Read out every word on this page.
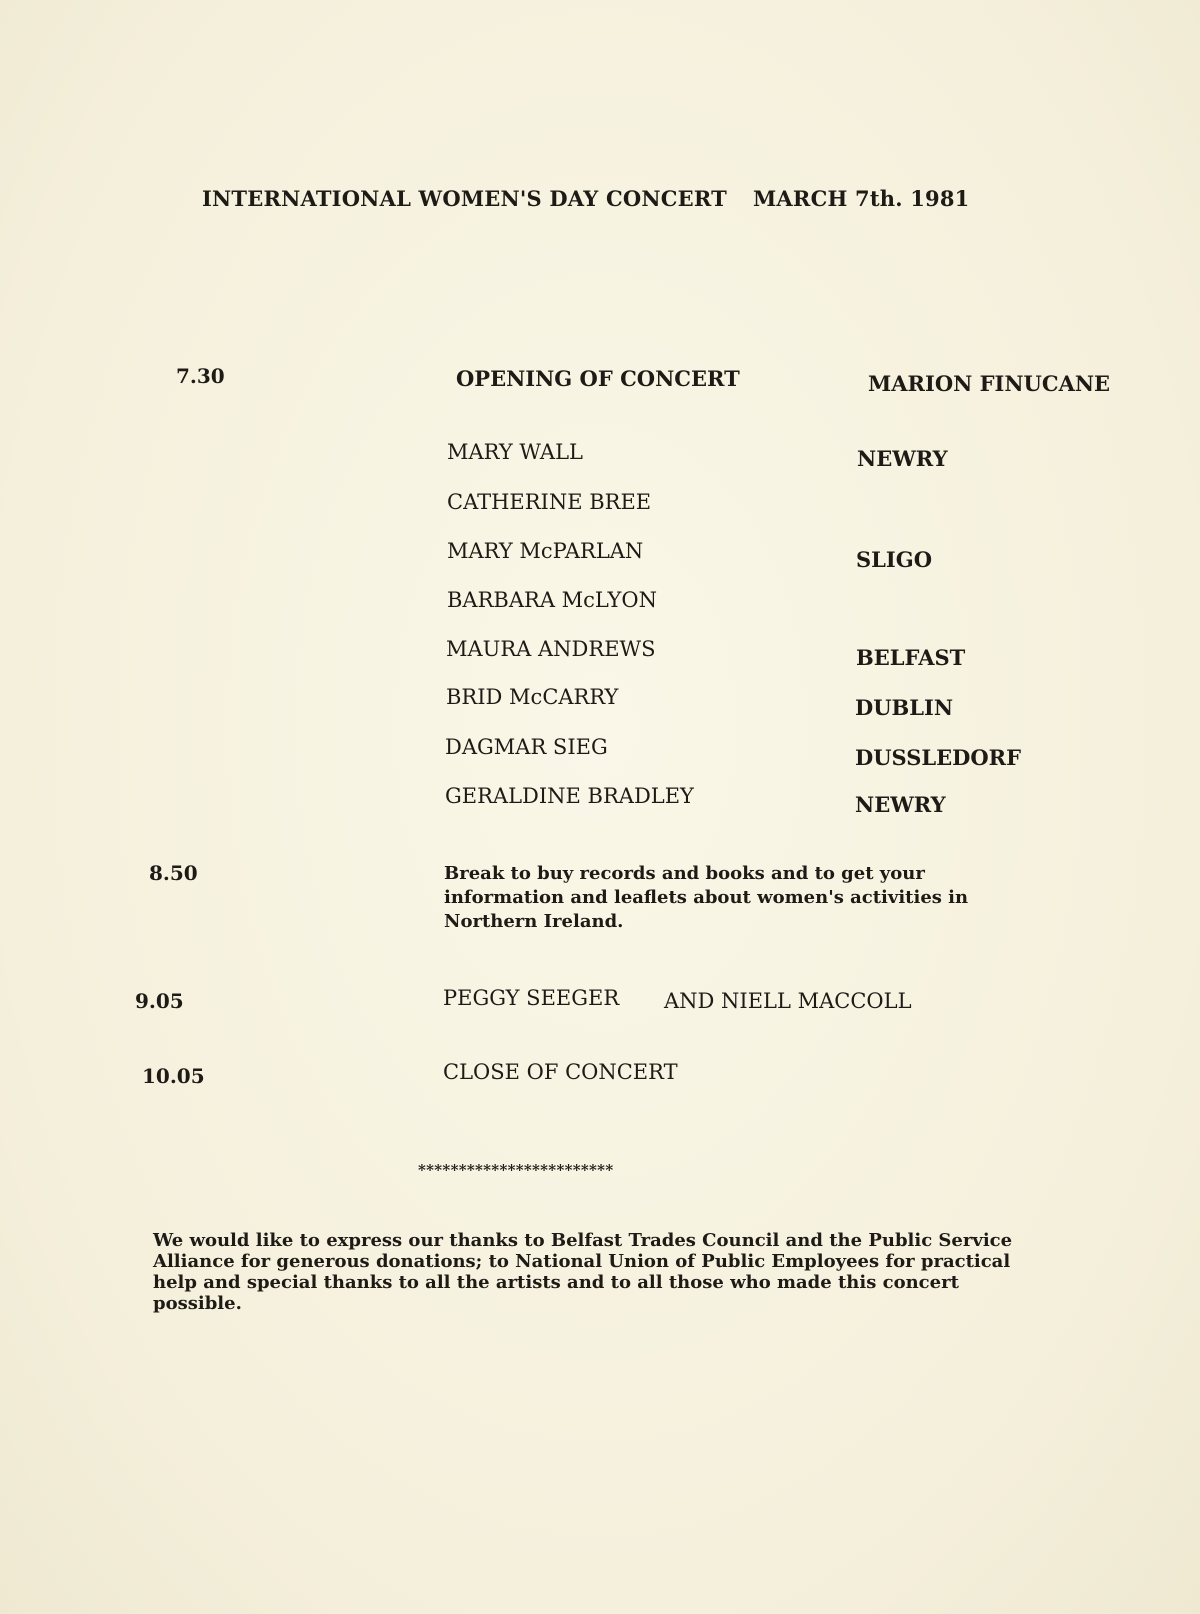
INTERNATIONAL WOMEN'S DAY CONCERT MARCH 7th. 1981
7.30	OPENING OF CONCERT	MARION FINUCANE
MARY WALL	NEWRY
CATHERINE BREE
MARY McPARLAN	SLIGO
BARBARA McLYON
MAURA ANDREWS	BELFAST
BRID McCARRY	DUBLIN
DAGMAR SIEG	DUSSLEDORF
GERALDINE BRADLEY	NEWRY
8.50	Break to buy records and books and to get your information and leaflets about women's activities in Northern Ireland.
9.05	PEGGY SEEGER AND NIELL MACCOLL
10.05	CLOSE OF CONCERT
************************
We would like to express our thanks to Belfast Trades Council and the Public Service Alliance for generous donations; to National Union of Public Employees for practical help and special thanks to all the artists and to all those who made this concert possible.
